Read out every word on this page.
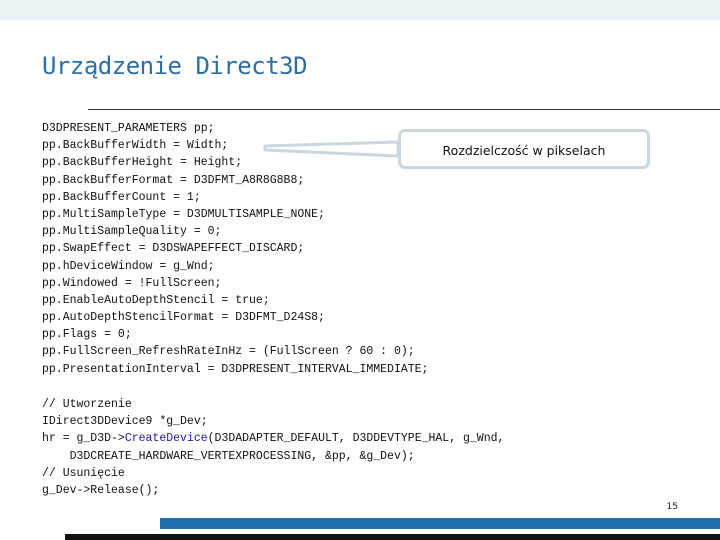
Urządzenie Direct3D
D3DPRESENT_PARAMETERS pp;
pp.BackBufferWidth = Width;
pp.BackBufferHeight = Height;
pp.BackBufferFormat = D3DFMT_A8R8G8B8;
pp.BackBufferCount = 1;
pp.MultiSampleType = D3DMULTISAMPLE_NONE;
pp.MultiSampleQuality = 0;
pp.SwapEffect = D3DSWAPEFFECT_DISCARD;
pp.hDeviceWindow = g_Wnd;
pp.Windowed = !FullScreen;
pp.EnableAutoDepthStencil = true;
pp.AutoDepthStencilFormat = D3DFMT_D24S8;
pp.Flags = 0;
pp.FullScreen_RefreshRateInHz = (FullScreen ? 60 : 0);
pp.PresentationInterval = D3DPRESENT_INTERVAL_IMMEDIATE;
Rozdzielczość w pikselach
// Utworzenie
IDirect3DDevice9 *g_Dev;
hr = g_D3D->CreateDevice(D3DADAPTER_DEFAULT, D3DDEVTYPE_HAL, g_Wnd,
D3DCREATE_HARDWARE_VERTEXPROCESSING, &pp, &g_Dev);
// Usunięcie
g_Dev->Release();
15
